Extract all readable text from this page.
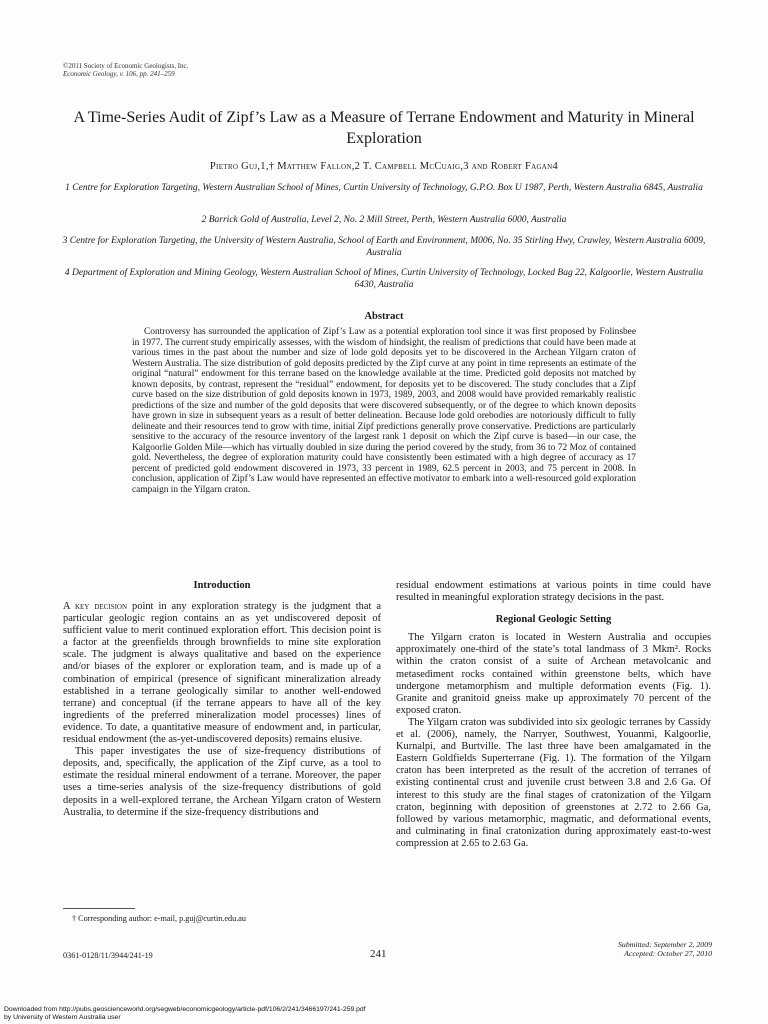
©2011 Society of Economic Geologists, Inc.
Economic Geology, v. 106, pp. 241–259
A Time-Series Audit of Zipf’s Law as a Measure of Terrane Endowment and Maturity in Mineral Exploration
Pietro Guj,1,† Matthew Fallon,2 T. Campbell McCuaig,3 and Robert Fagan4
1 Centre for Exploration Targeting, Western Australian School of Mines, Curtin University of Technology, G.P.O. Box U 1987, Perth, Western Australia 6845, Australia
2 Barrick Gold of Australia, Level 2, No. 2 Mill Street, Perth, Western Australia 6000, Australia
3 Centre for Exploration Targeting, the University of Western Australia, School of Earth and Environment, M006, No. 35 Stirling Hwy, Crawley, Western Australia 6009, Australia
4 Department of Exploration and Mining Geology, Western Australian School of Mines, Curtin University of Technology, Locked Bag 22, Kalgoorlie, Western Australia 6430, Australia
Abstract
Controversy has surrounded the application of Zipf’s Law as a potential exploration tool since it was first proposed by Folinsbee in 1977. The current study empirically assesses, with the wisdom of hindsight, the realism of predictions that could have been made at various times in the past about the number and size of lode gold deposits yet to be discovered in the Archean Yilgarn craton of Western Australia. The size distribution of gold deposits predicted by the Zipf curve at any point in time represents an estimate of the original “natural” endowment for this terrane based on the knowledge available at the time. Predicted gold deposits not matched by known deposits, by contrast, represent the “residual” endowment, for deposits yet to be discovered. The study concludes that a Zipf curve based on the size distribution of gold deposits known in 1973, 1989, 2003, and 2008 would have provided remarkably realistic predictions of the size and number of the gold deposits that were discovered subsequently, or of the degree to which known deposits have grown in size in subsequent years as a result of better delineation. Because lode gold orebodies are notoriously difficult to fully delineate and their resources tend to grow with time, initial Zipf predictions generally prove conservative. Predictions are particularly sensitive to the accuracy of the resource inventory of the largest rank 1 deposit on which the Zipf curve is based—in our case, the Kalgoorlie Golden Mile—which has virtually doubled in size during the period covered by the study, from 36 to 72 Moz of contained gold. Nevertheless, the degree of exploration maturity could have consistently been estimated with a high degree of accuracy as 17 percent of predicted gold endowment discovered in 1973, 33 percent in 1989, 62.5 percent in 2003, and 75 percent in 2008. In conclusion, application of Zipf’s Law would have represented an effective motivator to embark into a well-resourced gold exploration campaign in the Yilgarn craton.
Introduction

A key decision point in any exploration strategy is the judgment that a particular geologic region contains an as yet undiscovered deposit of sufficient value to merit continued exploration effort. This decision point is a factor at the greenfields through brownfields to mine site exploration scale. The judgment is always qualitative and based on the experience and/or biases of the explorer or exploration team, and is made up of a combination of empirical (presence of significant mineralization already established in a terrane geologically similar to another well-endowed terrane) and conceptual (if the terrane appears to have all of the key ingredients of the preferred mineralization model processes) lines of evidence. To date, a quantitative measure of endowment and, in particular, residual endowment (the as-yet-undiscovered deposits) remains elusive.

This paper investigates the use of size-frequency distributions of deposits, and, specifically, the application of the Zipf curve, as a tool to estimate the residual mineral endowment of a terrane. Moreover, the paper uses a time-series analysis of the size-frequency distributions of gold deposits in a well-explored terrane, the Archean Yilgarn craton of Western Australia, to determine if the size-frequency distributions and

residual endowment estimations at various points in time could have resulted in meaningful exploration strategy decisions in the past.

Regional Geologic Setting

The Yilgarn craton is located in Western Australia and occupies approximately one-third of the state’s total landmass of 3 Mkm². Rocks within the craton consist of a suite of Archean metavolcanic and metasediment rocks contained within greenstone belts, which have undergone metamorphism and multiple deformation events (Fig. 1). Granite and granitoid gneiss make up approximately 70 percent of the exposed craton.

The Yilgarn craton was subdivided into six geologic terranes by Cassidy et al. (2006), namely, the Narryer, Southwest, Youanmi, Kalgoorlie, Kurnalpi, and Burtville. The last three have been amalgamated in the Eastern Goldfields Superterrane (Fig. 1). The formation of the Yilgarn craton has been interpreted as the result of the accretion of terranes of existing continental crust and juvenile crust between 3.8 and 2.6 Ga. Of interest to this study are the final stages of cratonization of the Yilgarn craton, beginning with deposition of greenstones at 2.72 to 2.66 Ga, followed by various metamorphic, magmatic, and deformational events, and culminating in final cratonization during approximately east-to-west compression at 2.65 to 2.63 Ga.

† Corresponding author: e-mail, p.guj@curtin.edu.au
0361-0128/11/3944/241-19	241
Submitted: September 2, 2009
Accepted: October 27, 2010
Downloaded from http://pubs.geoscienceworld.org/segweb/economicgeology/article-pdf/106/2/241/3466197/241-259.pdf
by University of Western Australia user
